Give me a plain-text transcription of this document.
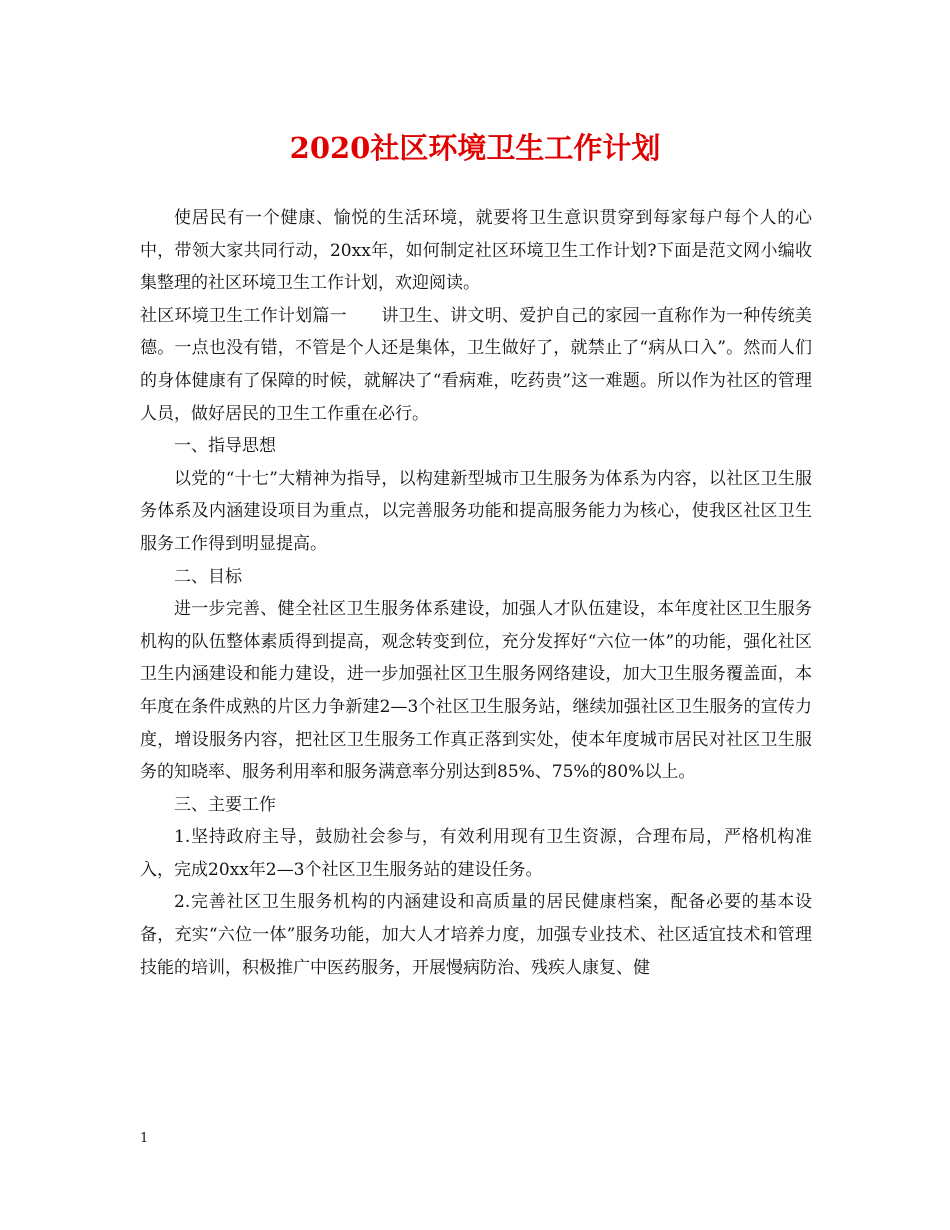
2020社区环境卫生工作计划

使居民有一个健康、愉悦的生活环境，就要将卫生意识贯穿到每家每户每个人的心中，带领大家共同行动，20xx年，如何制定社区环境卫生工作计划?下面是范文网小编收集整理的社区环境卫生工作计划，欢迎阅读。

社区环境卫生工作计划篇一　　讲卫生、讲文明、爱护自己的家园一直称作为一种传统美德。一点也没有错，不管是个人还是集体，卫生做好了，就禁止了“病从口入”。然而人们的身体健康有了保障的时候，就解决了“看病难，吃药贵”这一难题。所以作为社区的管理人员，做好居民的卫生工作重在必行。

一、指导思想

以党的“十七”大精神为指导，以构建新型城市卫生服务为体系为内容，以社区卫生服务体系及内涵建设项目为重点，以完善服务功能和提高服务能力为核心，使我区社区卫生服务工作得到明显提高。

二、目标

进一步完善、健全社区卫生服务体系建设，加强人才队伍建设，本年度社区卫生服务机构的队伍整体素质得到提高，观念转变到位，充分发挥好“六位一体”的功能，强化社区卫生内涵建设和能力建设，进一步加强社区卫生服务网络建设，加大卫生服务覆盖面，本年度在条件成熟的片区力争新建2—3个社区卫生服务站，继续加强社区卫生服务的宣传力度，增设服务内容，把社区卫生服务工作真正落到实处，使本年度城市居民对社区卫生服务的知晓率、服务利用率和服务满意率分别达到85%、75%的80%以上。

三、主要工作

1.坚持政府主导，鼓励社会参与，有效利用现有卫生资源，合理布局，严格机构准入，完成20xx年2—3个社区卫生服务站的建设任务。

2.完善社区卫生服务机构的内涵建设和高质量的居民健康档案，配备必要的基本设备，充实“六位一体”服务功能，加大人才培养力度，加强专业技术、社区适宜技术和管理技能的培训，积极推广中医药服务，开展慢病防治、残疾人康复、健

1
